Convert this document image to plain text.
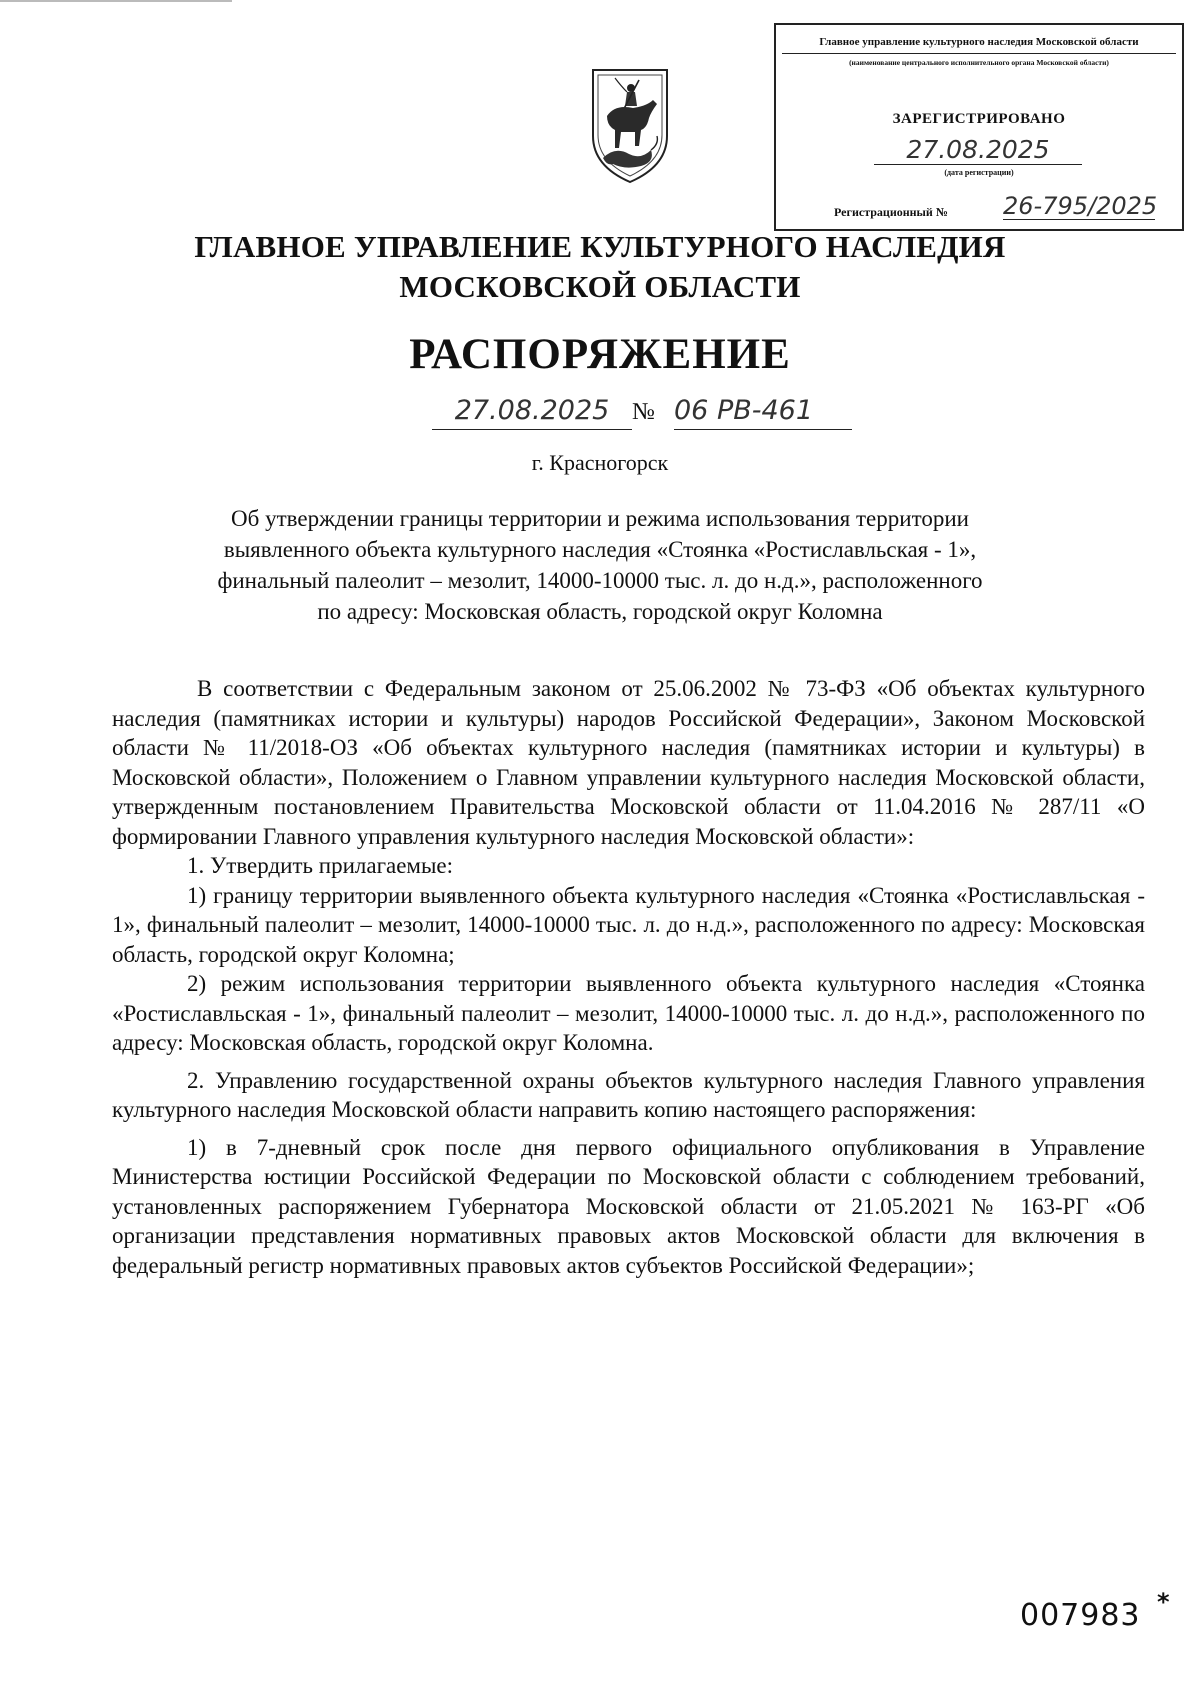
Главное управление культурного наследия Московской области
(наименование центрального исполнительного органа Московской области)
ЗАРЕГИСТРИРОВАНО
27.08.2025
(дата регистрации)
Регистрационный № 26-795/2025
ГЛАВНОЕ УПРАВЛЕНИЕ КУЛЬТУРНОГО НАСЛЕДИЯ
МОСКОВСКОЙ ОБЛАСТИ
РАСПОРЯЖЕНИЕ
27.08.2025 № 06 РВ-461
г. Красногорск
Об утверждении границы территории и режима использования территории
выявленного объекта культурного наследия «Стоянка «Ростиславльская - 1»,
финальный палеолит – мезолит, 14000-10000 тыс. л. до н.д.», расположенного
по адресу: Московская область, городской округ Коломна

В соответствии с Федеральным законом от 25.06.2002 № 73-ФЗ «Об объектах культурного наследия (памятниках истории и культуры) народов Российской Федерации», Законом Московской области № 11/2018-ОЗ «Об объектах культурного наследия (памятниках истории и культуры) в Московской области», Положением о Главном управлении культурного наследия Московской области, утвержденным постановлением Правительства Московской области от 11.04.2016 № 287/11 «О формировании Главного управления культурного наследия Московской области»:

1. Утвердить прилагаемые:

1) границу территории выявленного объекта культурного наследия «Стоянка «Ростиславльская - 1», финальный палеолит – мезолит, 14000-10000 тыс. л. до н.д.», расположенного по адресу: Московская область, городской округ Коломна;

2) режим использования территории выявленного объекта культурного наследия «Стоянка «Ростиславльская - 1», финальный палеолит – мезолит, 14000-10000 тыс. л. до н.д.», расположенного по адресу: Московская область, городской округ Коломна.

2. Управлению государственной охраны объектов культурного наследия Главного управления культурного наследия Московской области направить копию настоящего распоряжения:

1) в 7-дневный срок после дня первого официального опубликования в Управление Министерства юстиции Российской Федерации по Московской области с соблюдением требований, установленных распоряжением Губернатора Московской области от 21.05.2021 № 163-РГ «Об организации представления нормативных правовых актов Московской области для включения в федеральный регистр нормативных правовых актов субъектов Российской Федерации»;

007983 *
